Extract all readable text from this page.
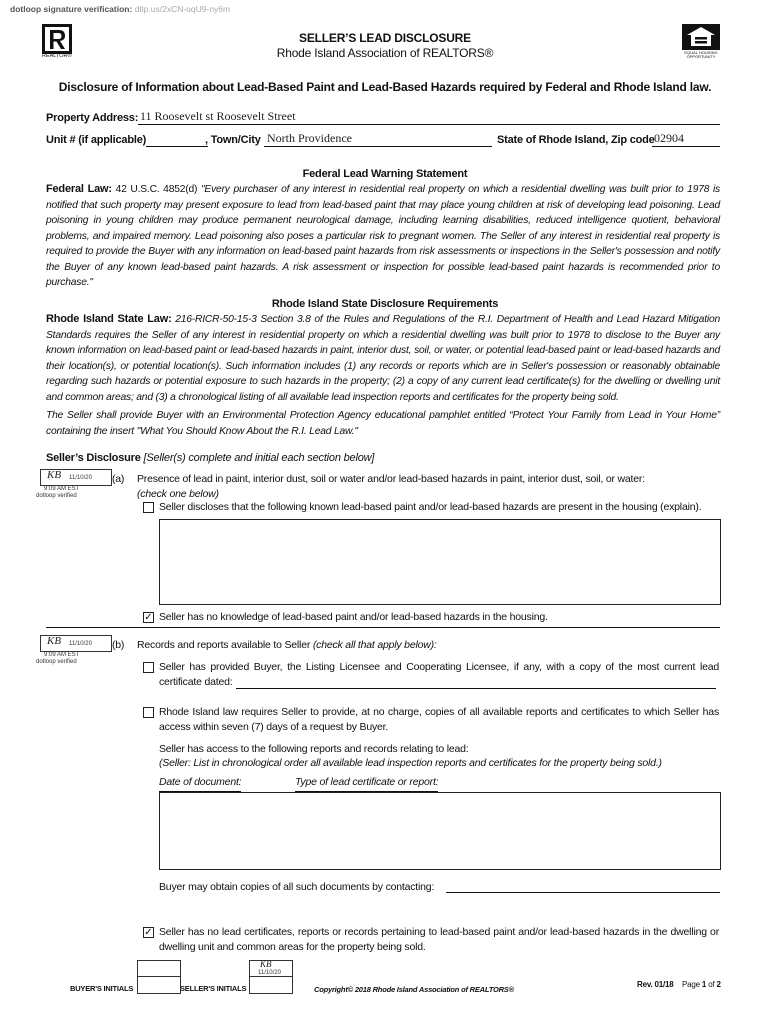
dotloop signature verification: dtlp.us/2xCN-oqU9-ny6m
REALTOR®
EQUAL HOUSING OPPORTUNITY
SELLER’S LEAD DISCLOSURE
Rhode Island Association of REALTORS®
Disclosure of Information about Lead-Based Paint and Lead-Based Hazards required by Federal and Rhode Island law.
Property Address: 11 Roosevelt st Roosevelt Street
Unit # (if applicable)	, Town/City North Providence	State of Rhode Island, Zip code 02904
Federal Lead Warning Statement
Federal Law: 42 U.S.C. 4852(d) "Every purchaser of any interest in residential real property on which a residential dwelling was built prior to 1978 is notified that such property may present exposure to lead from lead-based paint that may place young children at risk of developing lead poisoning. Lead poisoning in young children may produce permanent neurological damage, including learning disabilities, reduced intelligence quotient, behavioral problems, and impaired memory. Lead poisoning also poses a particular risk to pregnant women. The Seller of any interest in residential real property is required to provide the Buyer with any information on lead-based paint hazards from risk assessments or inspections in the Seller's possession and notify the Buyer of any known lead-based paint hazards. A risk assessment or inspection for possible lead-based paint hazards is recommended prior to purchase."
Rhode Island State Disclosure Requirements
Rhode Island State Law: 216-RICR-50-15-3 Section 3.8 of the Rules and Regulations of the R.I. Department of Health and Lead Hazard Mitigation Standards requires the Seller of any interest in residential property on which a residential dwelling was built prior to 1978 to disclose to the Buyer any known information on lead-based paint or lead-based hazards in paint, interior dust, soil, or water, or potential lead-based paint or lead-based hazards and their location(s), or potential location(s). Such information includes (1) any records or reports which are in Seller's possession or reasonably obtainable regarding such hazards or potential exposure to such hazards in the property; (2) a copy of any current lead certificate(s) for the dwelling or dwelling unit and common areas; and (3) a chronological listing of all available lead inspection reports and certificates for the property being sold.
The Seller shall provide Buyer with an Environmental Protection Agency educational pamphlet entitled “Protect Your Family from Lead in Your Home” containing the insert "What You Should Know About the R.I. Lead Law."
Seller’s Disclosure [Seller(s) complete and initial each section below]
KB 11/10/20
9:09 AM EST
dotloop verified
(a) Presence of lead in paint, interior dust, soil or water and/or lead-based hazards in paint, interior dust, soil, or water:
(check one below)
Seller discloses that the following known lead-based paint and/or lead-based hazards are present in the housing (explain).
✓ Seller has no knowledge of lead-based paint and/or lead-based hazards in the housing.
KB 11/10/20
9:09 AM EST
dotloop verified
(b) Records and reports available to Seller (check all that apply below):
Seller has provided Buyer, the Listing Licensee and Cooperating Licensee, if any, with a copy of the most current lead certificate dated:
Rhode Island law requires Seller to provide, at no charge, copies of all available reports and certificates to which Seller has access within seven (7) days of a request by Buyer.
Seller has access to the following reports and records relating to lead:
(Seller: List in chronological order all available lead inspection reports and certificates for the property being sold.)
Date of document:	Type of lead certificate or report:
Buyer may obtain copies of all such documents by contacting:
✓ Seller has no lead certificates, reports or records pertaining to lead-based paint and/or lead-based hazards in the dwelling or dwelling unit and common areas for the property being sold.
BUYER'S INITIALS
KB
11/10/20
SELLER'S INITIALS	Copyright© 2018 Rhode Island Association of REALTORS®
Rev. 01/18 Page 1 of 2
